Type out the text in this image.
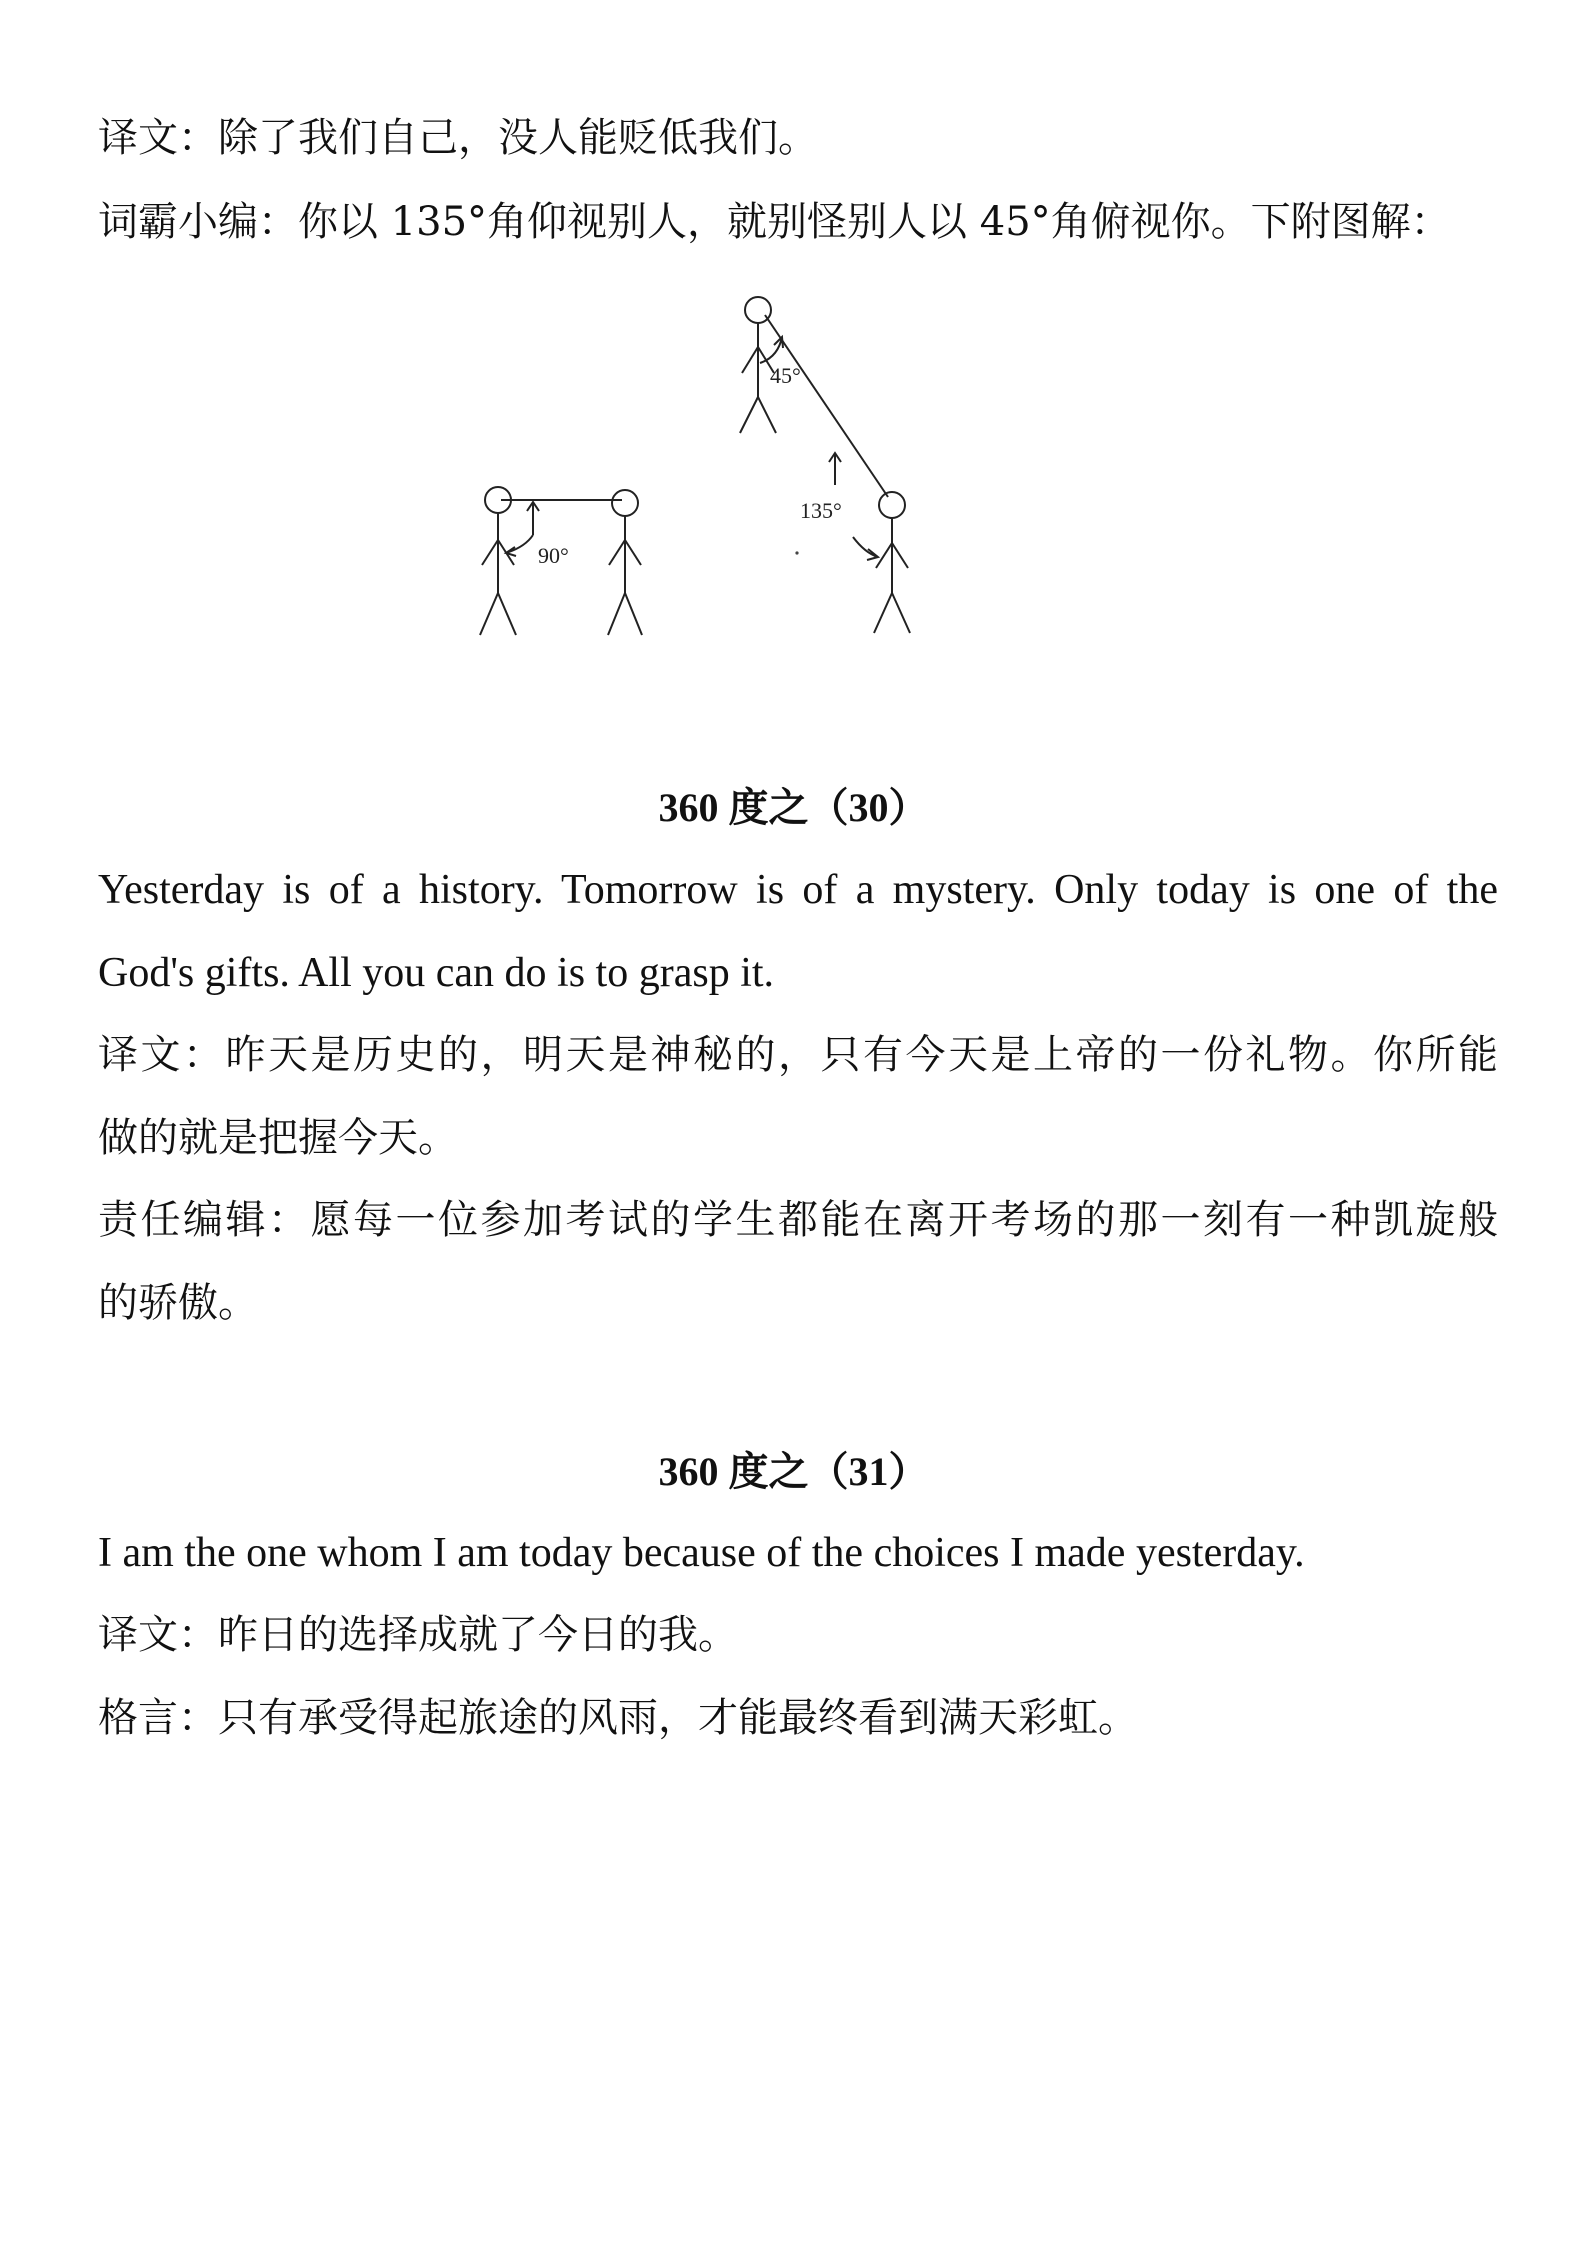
译文：除了我们自己，没人能贬低我们。
词霸小编：你以 135°角仰视别人，就别怪别人以 45°角俯视你。下附图解：
90°
45°
135°
360 度之（30）
Yesterday is of a history. Tomorrow is of a mystery. Only today is one of the
God's gifts. All you can do is to grasp it.
译文：昨天是历史的，明天是神秘的，只有今天是上帝的一份礼物。你所能
做的就是把握今天。
责任编辑：愿每一位参加考试的学生都能在离开考场的那一刻有一种凯旋般
的骄傲。
360 度之（31）
I am the one whom I am today because of the choices I made yesterday.
译文：昨日的选择成就了今日的我。
格言：只有承受得起旅途的风雨，才能最终看到满天彩虹。
